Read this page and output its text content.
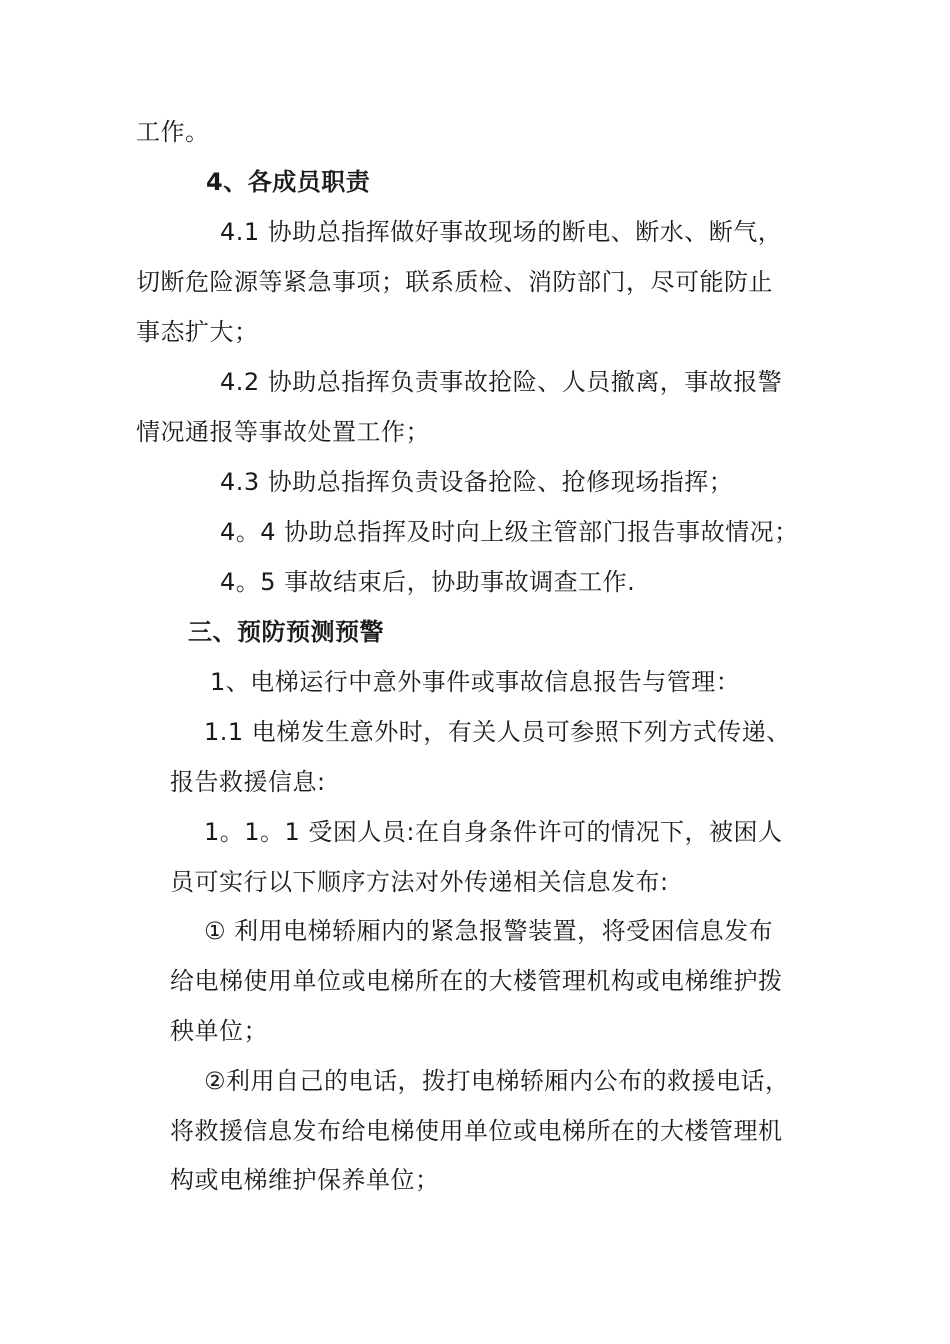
工作。
4、各成员职责
4.1 协助总指挥做好事故现场的断电、断水、断气，
切断危险源等紧急事项；联系质检、消防部门，尽可能防止
事态扩大；
4.2 协助总指挥负责事故抢险、人员撤离，事故报警
情况通报等事故处置工作；
4.3 协助总指挥负责设备抢险、抢修现场指挥；
4。4 协助总指挥及时向上级主管部门报告事故情况；
4。5 事故结束后，协助事故调查工作.
三、预防预测预警
1、电梯运行中意外事件或事故信息报告与管理：
1.1 电梯发生意外时，有关人员可参照下列方式传递、
报告救援信息:
1。1。1 受困人员:在自身条件许可的情况下，被困人
员可实行以下顺序方法对外传递相关信息发布:
① 利用电梯轿厢内的紧急报警装置，将受困信息发布
给电梯使用单位或电梯所在的大楼管理机构或电梯维护拨
秧单位；
②利用自己的电话，拨打电梯轿厢内公布的救援电话，
将救援信息发布给电梯使用单位或电梯所在的大楼管理机
构或电梯维护保养单位；
